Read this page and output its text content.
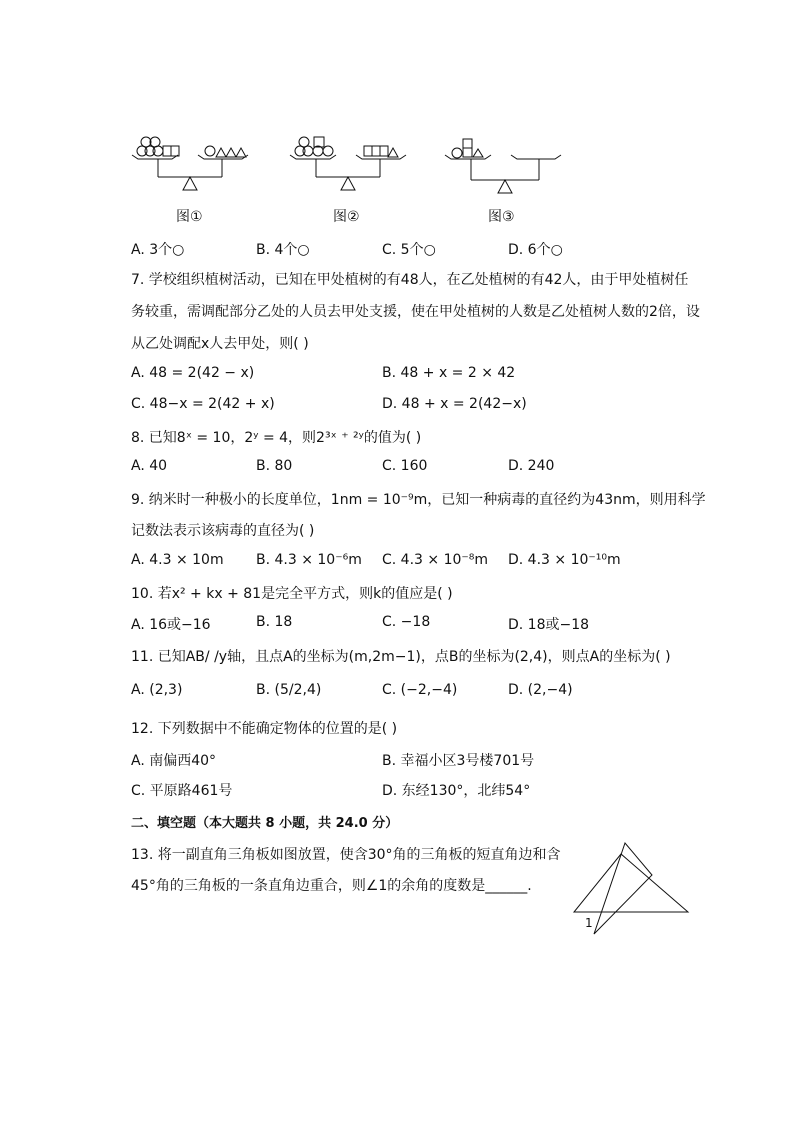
图①	图②	图③
A. 3个○	B. 4个○	C. 5个○	D. 6个○
7. 学校组织植树活动，已知在甲处植树的有48人，在乙处植树的有42人，由于甲处植树任
务较重，需调配部分乙处的人员去甲处支援，使在甲处植树的人数是乙处植树人数的2倍，设
从乙处调配x人去甲处，则( )
A. 48 = 2(42 − x)	B. 48 + x = 2 × 42
C. 48−x = 2(42 + x)	D. 48 + x = 2(42−x)
8. 已知8ˣ = 10，2ʸ = 4，则2³ˣ ⁺ ²ʸ的值为( )
A. 40	B. 80	C. 160	D. 240
9. 纳米时一种极小的长度单位，1nm = 10⁻⁹m，已知一种病毒的直径约为43nm，则用科学
记数法表示该病毒的直径为( )
A. 4.3 × 10m B. 4.3 × 10⁻⁶m C. 4.3 × 10⁻⁸m D. 4.3 × 10⁻¹⁰m
10. 若x² + kx + 81是完全平方式，则k的值应是( )
A. 16或−16	B. 18	C. −18	D. 18或−18
11. 已知AB/ /y轴，且点A的坐标为(m,2m−1)，点B的坐标为(2,4)，则点A的坐标为( )
A. (2,3)	B. (5/2,4)	C. (−2,−4)	D. (2,−4)
12. 下列数据中不能确定物体的位置的是( )
A. 南偏西40°	B. 幸福小区3号楼701号
C. 平原路461号	D. 东经130°，北纬54°
二、填空题（本大题共 8 小题，共 24.0 分）
13. 将一副直角三角板如图放置，使含30°角的三角板的短直角边和含
45°角的三角板的一条直角边重合，则∠1的余角的度数是______.
1
